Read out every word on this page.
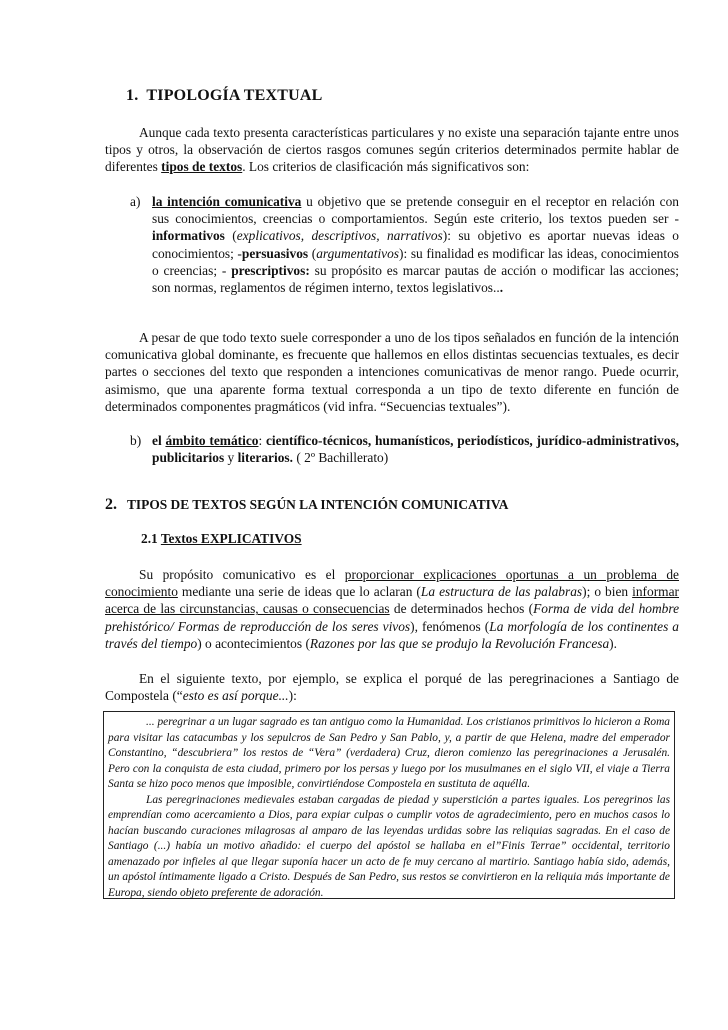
1. TIPOLOGÍA TEXTUAL
Aunque cada texto presenta características particulares y no existe una separación tajante entre unos tipos y otros, la observación de ciertos rasgos comunes según criterios determinados permite hablar de diferentes tipos de textos. Los criterios de clasificación más significativos son:
a) la intención comunicativa u objetivo que se pretende conseguir en el receptor en relación con sus conocimientos, creencias o comportamientos. Según este criterio, los textos pueden ser -informativos (explicativos, descriptivos, narrativos): su objetivo es aportar nuevas ideas o conocimientos; -persuasivos (argumentativos): su finalidad es modificar las ideas, conocimientos o creencias; - prescriptivos: su propósito es marcar pautas de acción o modificar las acciones; son normas, reglamentos de régimen interno, textos legislativos...
A pesar de que todo texto suele corresponder a uno de los tipos señalados en función de la intención comunicativa global dominante, es frecuente que hallemos en ellos distintas secuencias textuales, es decir partes o secciones del texto que responden a intenciones comunicativas de menor rango. Puede ocurrir, asimismo, que una aparente forma textual corresponda a un tipo de texto diferente en función de determinados componentes pragmáticos (vid infra. “Secuencias textuales”).
b) el ámbito temático: científico-técnicos, humanísticos, periodísticos, jurídico-administrativos, publicitarios y literarios. ( 2º Bachillerato)
2. TIPOS DE TEXTOS SEGÚN LA INTENCIÓN COMUNICATIVA
2.1 Textos EXPLICATIVOS
Su propósito comunicativo es el proporcionar explicaciones oportunas a un problema de conocimiento mediante una serie de ideas que lo aclaran (La estructura de las palabras); o bien informar acerca de las circunstancias, causas o consecuencias de determinados hechos (Forma de vida del hombre prehistórico/ Formas de reproducción de los seres vivos), fenómenos (La morfología de los continentes a través del tiempo) o acontecimientos (Razones por las que se produjo la Revolución Francesa).
En el siguiente texto, por ejemplo, se explica el porqué de las peregrinaciones a Santiago de Compostela (“esto es así porque...):

... peregrinar a un lugar sagrado es tan antiguo como la Humanidad. Los cristianos primitivos lo hicieron a Roma para visitar las catacumbas y los sepulcros de San Pedro y San Pablo, y, a partir de que Helena, madre del emperador Constantino, “descubriera” los restos de “Vera” (verdadera) Cruz, dieron comienzo las peregrinaciones a Jerusalén. Pero con la conquista de esta ciudad, primero por los persas y luego por los musulmanes en el siglo VII, el viaje a Tierra Santa se hizo poco menos que imposible, convirtiéndose Compostela en sustituta de aquélla.

Las peregrinaciones medievales estaban cargadas de piedad y superstición a partes iguales. Los peregrinos las emprendían como acercamiento a Dios, para expiar culpas o cumplir votos de agradecimiento, pero en muchos casos lo hacían buscando curaciones milagrosas al amparo de las leyendas urdidas sobre las reliquias sagradas. En el caso de Santiago (...) había un motivo añadido: el cuerpo del apóstol se hallaba en el”Finis Terrae” occidental, territorio amenazado por infieles al que llegar suponía hacer un acto de fe muy cercano al martirio. Santiago había sido, además, un apóstol íntimamente ligado a Cristo. Después de San Pedro, sus restos se convirtieron en la reliquia más importante de Europa, siendo objeto preferente de adoración.
